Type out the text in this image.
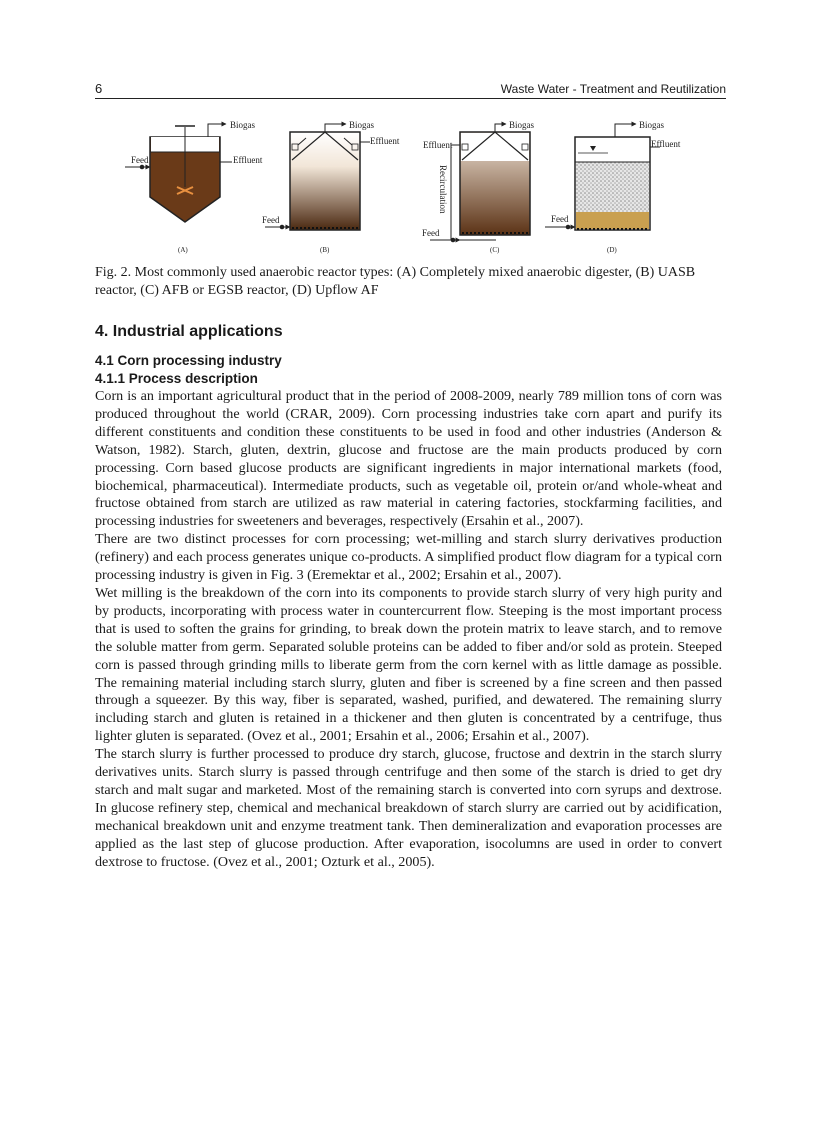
6	Waste Water - Treatment and Reutilization
Biogas
Effluent
Feed
(A)
Biogas
Effluent
Feed
(B)
Biogas
Effluent
Feed
Recirculation
(C)
Biogas
Effluent
Feed
(D)

Fig. 2. Most commonly used anaerobic reactor types: (A) Completely mixed anaerobic digester, (B) UASB reactor, (C) AFB or EGSB reactor, (D) Upflow AF

4. Industrial applications
4.1 Corn processing industry
4.1.1 Process description

Corn is an important agricultural product that in the period of 2008-2009, nearly 789 million tons of corn was produced throughout the world (CRAR, 2009). Corn processing industries take corn apart and purify its different constituents and condition these constituents to be used in food and other industries (Anderson & Watson, 1982). Starch, gluten, dextrin, glucose and fructose are the main products produced by corn processing. Corn based glucose products are significant ingredients in major international markets (food, biochemical, pharmaceutical). Intermediate products, such as vegetable oil, protein or/and whole-wheat and fructose obtained from starch are utilized as raw material in catering factories, stockfarming facilities, and processing industries for sweeteners and beverages, respectively (Ersahin et al., 2007).

There are two distinct processes for corn processing; wet-milling and starch slurry derivatives production (refinery) and each process generates unique co-products. A simplified product flow diagram for a typical corn processing industry is given in Fig. 3 (Eremektar et al., 2002; Ersahin et al., 2007).

Wet milling is the breakdown of the corn into its components to provide starch slurry of very high purity and by products, incorporating with process water in countercurrent flow. Steeping is the most important process that is used to soften the grains for grinding, to break down the protein matrix to leave starch, and to remove the soluble matter from germ. Separated soluble proteins can be added to fiber and/or sold as protein. Steeped corn is passed through grinding mills to liberate germ from the corn kernel with as little damage as possible. The remaining material including starch slurry, gluten and fiber is screened by a fine screen and then passed through a squeezer. By this way, fiber is separated, washed, purified, and dewatered. The remaining slurry including starch and gluten is retained in a thickener and then gluten is concentrated by a centrifuge, thus lighter gluten is separated. (Ovez et al., 2001; Ersahin et al., 2006; Ersahin et al., 2007).

The starch slurry is further processed to produce dry starch, glucose, fructose and dextrin in the starch slurry derivatives units. Starch slurry is passed through centrifuge and then some of the starch is dried to get dry starch and malt sugar and marketed. Most of the remaining starch is converted into corn syrups and dextrose. In glucose refinery step, chemical and mechanical breakdown of starch slurry are carried out by acidification, mechanical breakdown unit and enzyme treatment tank. Then demineralization and evaporation processes are applied as the last step of glucose production. After evaporation, isocolumns are used in order to convert dextrose to fructose. (Ovez et al., 2001; Ozturk et al., 2005).
